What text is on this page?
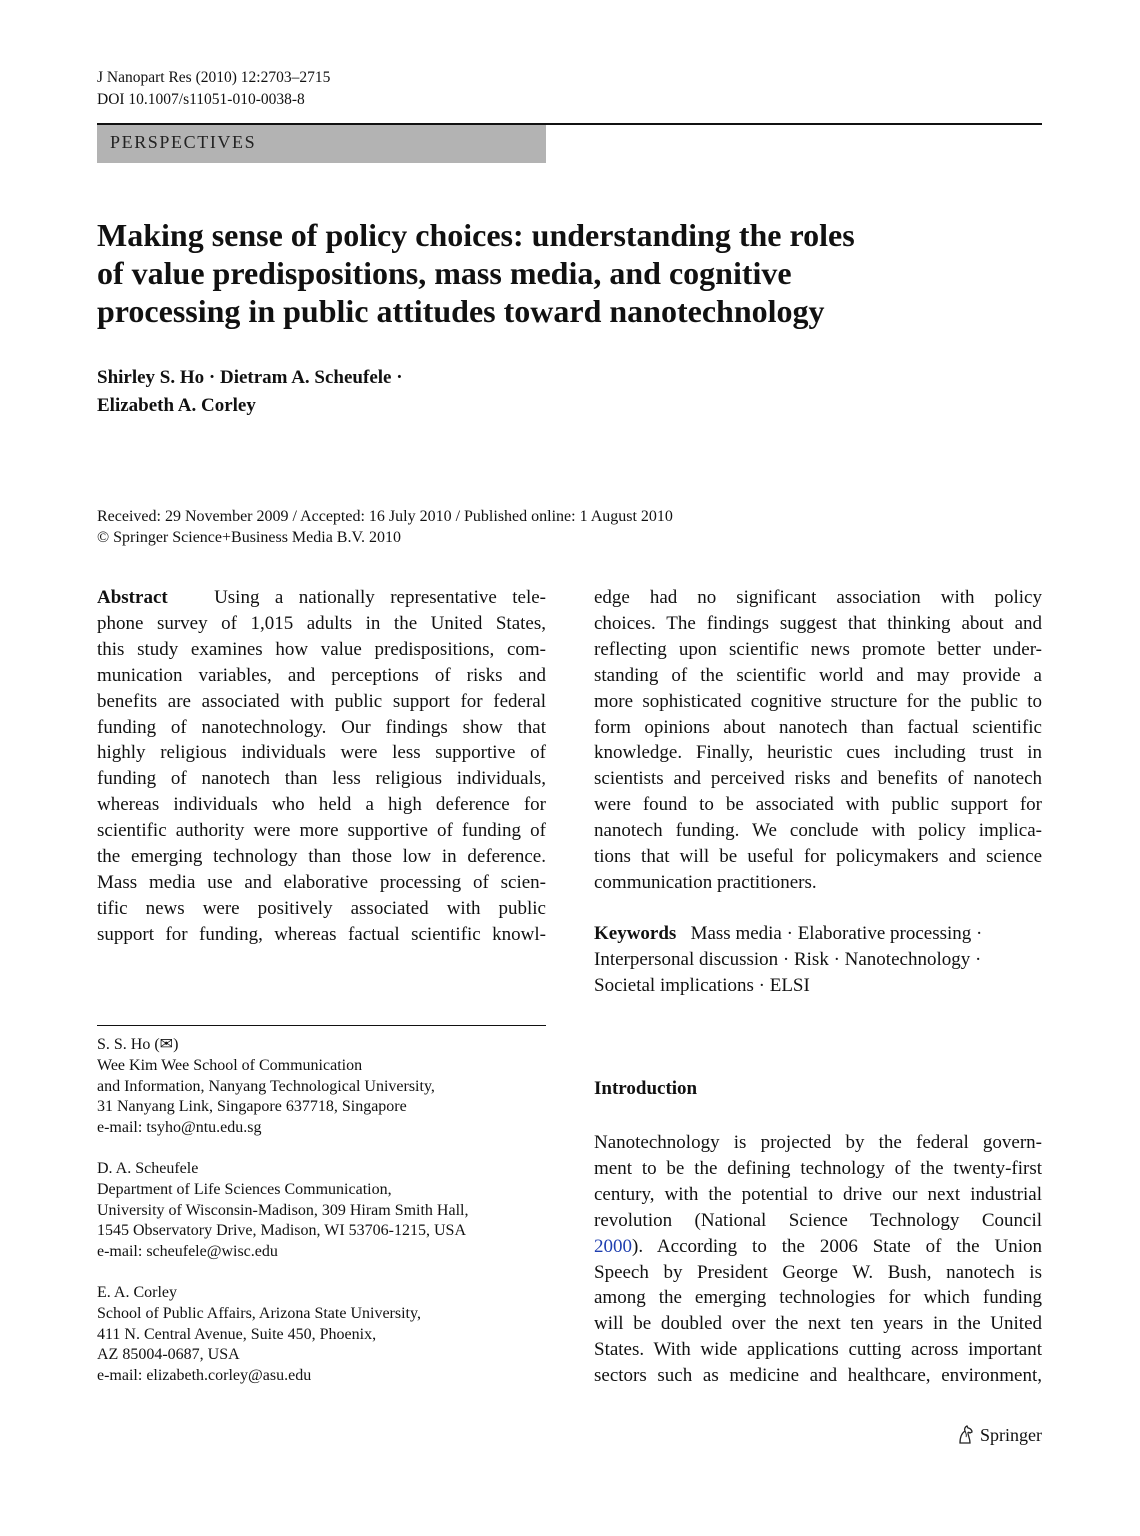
J Nanopart Res (2010) 12:2703–2715
DOI 10.1007/s11051-010-0038-8
PERSPECTIVES
Making sense of policy choices: understanding the roles
of value predispositions, mass media, and cognitive
processing in public attitudes toward nanotechnology
Shirley S. Ho · Dietram A. Scheufele ·
Elizabeth A. Corley
Received: 29 November 2009 / Accepted: 16 July 2010 / Published online: 1 August 2010
© Springer Science+Business Media B.V. 2010
Abstract Using a nationally representative tele-
phone survey of 1,015 adults in the United States,
this study examines how value predispositions, com-
munication variables, and perceptions of risks and
benefits are associated with public support for federal
funding of nanotechnology. Our findings show that
highly religious individuals were less supportive of
funding of nanotech than less religious individuals,
whereas individuals who held a high deference for
scientific authority were more supportive of funding of
the emerging technology than those low in deference.
Mass media use and elaborative processing of scien-
tific news were positively associated with public
support for funding, whereas factual scientific knowl-
edge had no significant association with policy
choices. The findings suggest that thinking about and
reflecting upon scientific news promote better under-
standing of the scientific world and may provide a
more sophisticated cognitive structure for the public to
form opinions about nanotech than factual scientific
knowledge. Finally, heuristic cues including trust in
scientists and perceived risks and benefits of nanotech
were found to be associated with public support for
nanotech funding. We conclude with policy implica-
tions that will be useful for policymakers and science
communication practitioners.
Keywords Mass media · Elaborative processing ·
Interpersonal discussion · Risk · Nanotechnology ·
Societal implications · ELSI
S. S. Ho (✉)
Wee Kim Wee School of Communication
and Information, Nanyang Technological University,
31 Nanyang Link, Singapore 637718, Singapore
e-mail: tsyho@ntu.edu.sg
D. A. Scheufele
Department of Life Sciences Communication,
University of Wisconsin-Madison, 309 Hiram Smith Hall,
1545 Observatory Drive, Madison, WI 53706-1215, USA
e-mail: scheufele@wisc.edu
E. A. Corley
School of Public Affairs, Arizona State University,
411 N. Central Avenue, Suite 450, Phoenix,
AZ 85004-0687, USA
e-mail: elizabeth.corley@asu.edu
Introduction
Nanotechnology is projected by the federal govern-
ment to be the defining technology of the twenty-first
century, with the potential to drive our next industrial
revolution (National Science Technology Council
2000). According to the 2006 State of the Union
Speech by President George W. Bush, nanotech is
among the emerging technologies for which funding
will be doubled over the next ten years in the United
States. With wide applications cutting across important
sectors such as medicine and healthcare, environment,
Springer
